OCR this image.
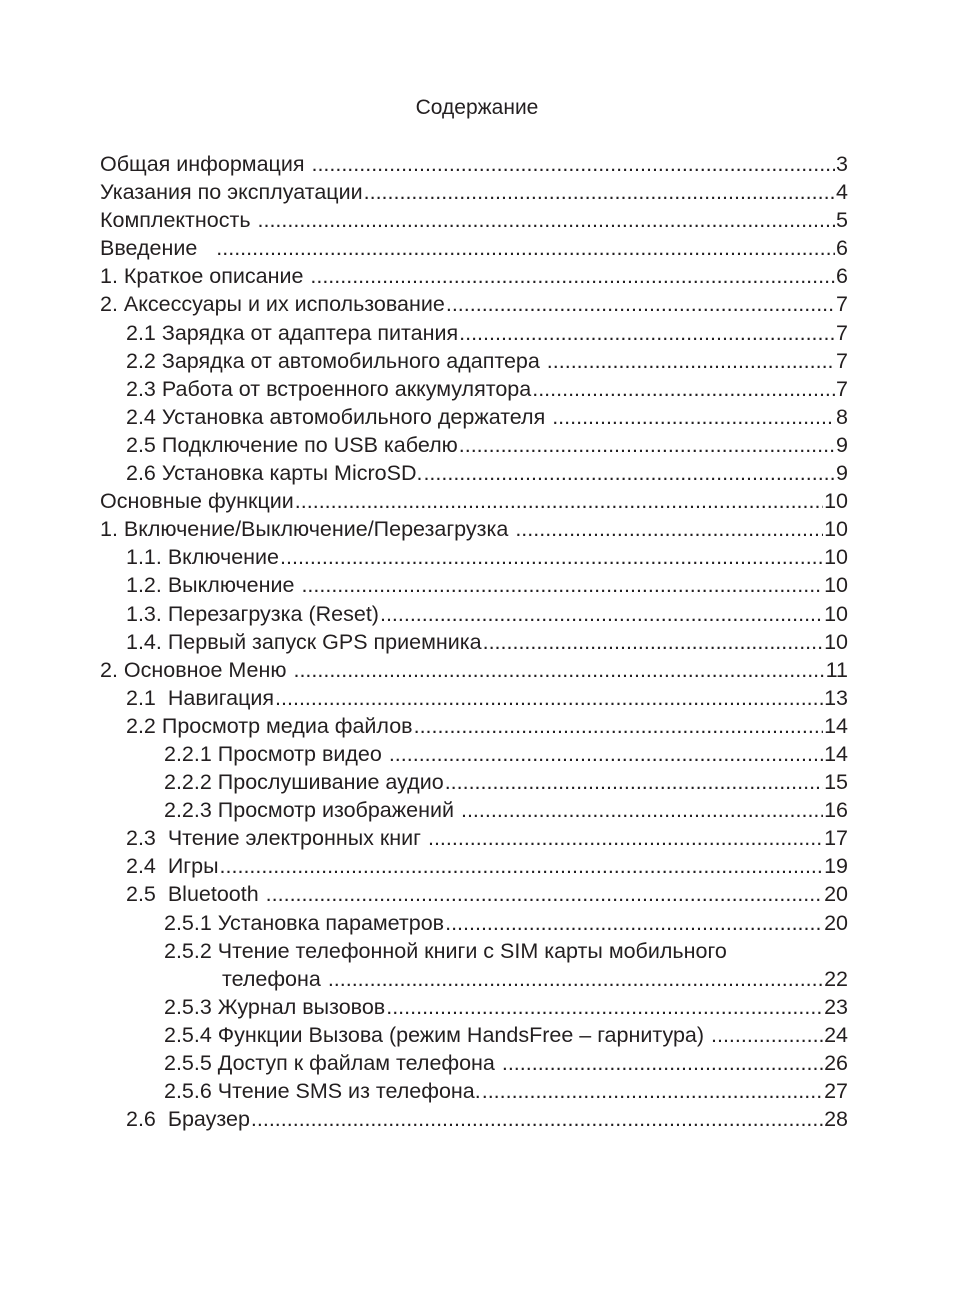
Содержание
Общая информация .....	3
Указания по эксплуатации .....	4
Комплектность .....	5
Введение .....	6
1. Краткое описание .....	6
2. Аксессуары и их использование .....	7
2.1 Зарядка от адаптера питания .....	7
2.2 Зарядка от автомобильного адаптера .....	7
2.3 Работа от встроенного аккумулятора .....	7
2.4 Установка автомобильного держателя .....	8
2.5 Подключение по USB кабелю .....	9
2.6 Установка карты MicroSD. .....	9
Основные функции .....	10
1. Включение/Выключение/Перезагрузка .....	10
1.1. Включение .....	10
1.2. Выключение .....	10
1.3. Перезагрузка (Reset) .....	10
1.4. Первый запуск GPS приемника .....	10
2. Основное Меню .....	11
2.1  Навигация .....	13
2.2 Просмотр медиа файлов .....	14
2.2.1 Просмотр видео .....	14
2.2.2 Прослушивание аудио .....	15
2.2.3 Просмотр изображений .....	16
2.3  Чтение электронных книг .....	17
2.4  Игры .....	19
2.5  Bluetooth .....	20
2.5.1 Установка параметров .....	20
2.5.2 Чтение телефонной книги с SIM карты мобильного
телефона .....	22
2.5.3 Журнал вызовов .....	23
2.5.4 Функции Вызова (режим HandsFree – гарнитура) .....	24
2.5.5 Доступ к файлам телефона .....	26
2.5.6 Чтение SMS из телефона. .....	27
2.6  Браузер .....	28
